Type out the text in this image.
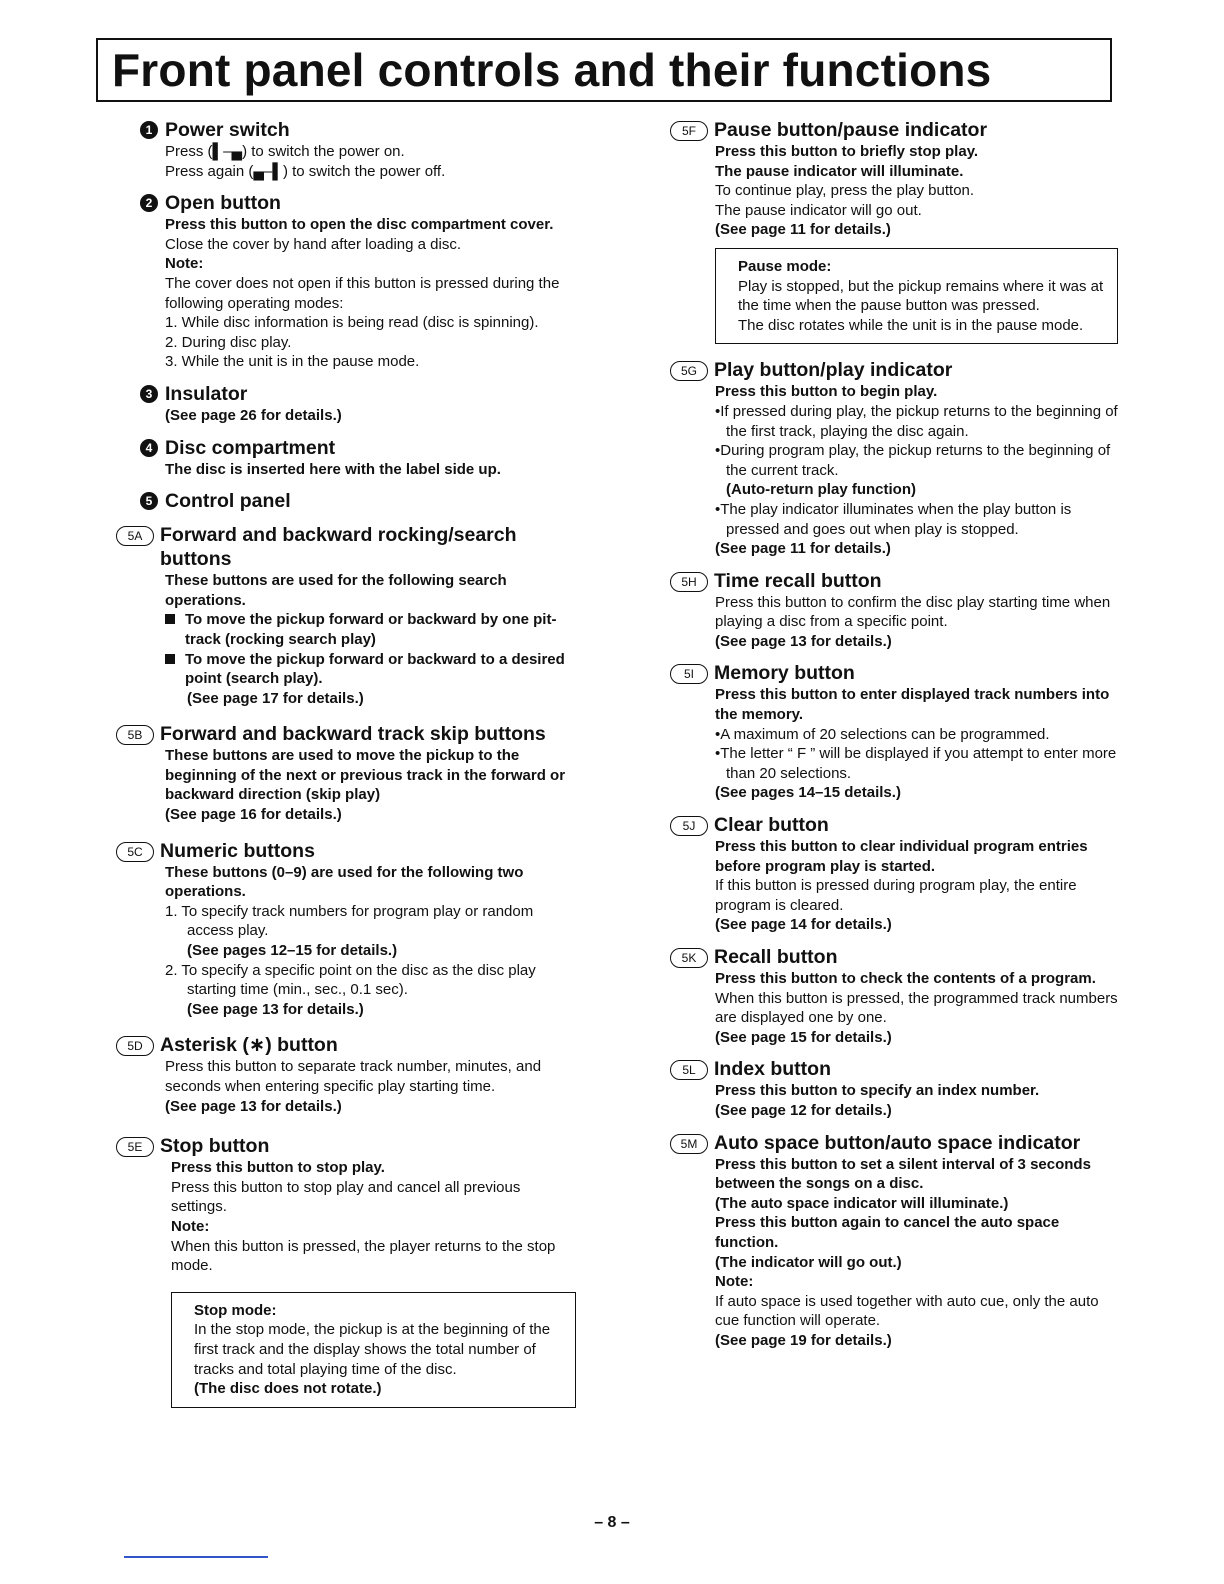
Front panel controls and their functions
1 Power switch

Press (▌‒▄) to switch the power on.

Press again (▄‒▌) to switch the power off.

2 Open button

Press this button to open the disc compartment cover.

Close the cover by hand after loading a disc.

Note:

The cover does not open if this button is pressed during the following operating modes:

1. While disc information is being read (disc is spinning).

2. During disc play.

3. While the unit is in the pause mode.

3 Insulator

(See page 26 for details.)

4 Disc compartment

The disc is inserted here with the label side up.

5 Control panel
5A Forward and backward rocking/search buttons

These buttons are used for the following search operations.

To move the pickup forward or backward by one pit-track (rocking search play)

To move the pickup forward or backward to a desired point (search play).

(See page 17 for details.)

5B Forward and backward track skip buttons

These buttons are used to move the pickup to the beginning of the next or previous track in the forward or backward direction (skip play)

(See page 16 for details.)

5C Numeric buttons

These buttons (0–9) are used for the following two operations.

1. To specify track numbers for program play or random access play.

(See pages 12–15 for details.)

2. To specify a specific point on the disc as the disc play starting time (min., sec., 0.1 sec).

(See page 13 for details.)

5D Asterisk (∗) button

Press this button to separate track number, minutes, and seconds when entering specific play starting time.

(See page 13 for details.)

5E Stop button

Press this button to stop play.

Press this button to stop play and cancel all previous settings.

Note:

When this button is pressed, the player returns to the stop mode.

Stop mode:

In the stop mode, the pickup is at the beginning of the first track and the display shows the total number of tracks and total playing time of the disc.

(The disc does not rotate.)

5F Pause button/pause indicator

Press this button to briefly stop play.

The pause indicator will illuminate.

To continue play, press the play button.

The pause indicator will go out.

(See page 11 for details.)

Pause mode:

Play is stopped, but the pickup remains where it was at the time when the pause button was pressed.

The disc rotates while the unit is in the pause mode.

5G Play button/play indicator

Press this button to begin play.

•If pressed during play, the pickup returns to the beginning of the first track, playing the disc again.

•During program play, the pickup returns to the beginning of the current track.

(Auto-return play function)

•The play indicator illuminates when the play button is pressed and goes out when play is stopped.

(See page 11 for details.)

5H Time recall button

Press this button to confirm the disc play starting time when playing a disc from a specific point.

(See page 13 for details.)

5I	Memory button

Press this button to enter displayed track numbers into the memory.

•A maximum of 20 selections can be programmed.

•The letter “ F ” will be displayed if you attempt to enter more than 20 selections.

(See pages 14–15 details.)

5J Clear button

Press this button to clear individual program entries before program play is started.

If this button is pressed during program play, the entire program is cleared.

(See page 14 for details.)

5K Recall button

Press this button to check the contents of a program.

When this button is pressed, the programmed track numbers are displayed one by one.

(See page 15 for details.)

5L Index button

Press this button to specify an index number.

(See page 12 for details.)

5M Auto space button/auto space indicator

Press this button to set a silent interval of 3 seconds between the songs on a disc.

(The auto space indicator will illuminate.)

Press this button again to cancel the auto space function.

(The indicator will go out.)

Note:

If auto space is used together with auto cue, only the auto cue function will operate.

(See page 19 for details.)

– 8 –
